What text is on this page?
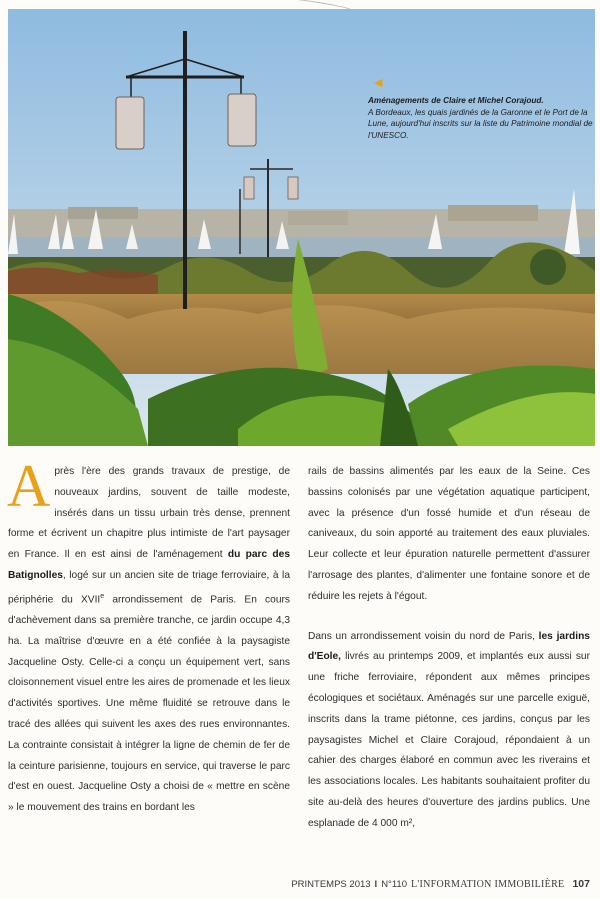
◀
Aménagements de Claire et Michel Corajoud.
A Bordeaux, les quais jardinés de la Garonne et le Port de la Lune, aujourd'hui inscrits sur la liste du Patrimoine mondial de l'UNESCO.

Après l'ère des grands travaux de prestige, de nouveaux jardins, souvent de taille modeste, insérés dans un tissu urbain très dense, prennent forme et écrivent un chapitre plus intimiste de l'art paysager en France. Il en est ainsi de l'aménagement du parc des Batignolles, logé sur un ancien site de triage ferroviaire, à la périphérie du XVIIe arrondissement de Paris. En cours d'achèvement dans sa première tranche, ce jardin occupe 4,3 ha. La maîtrise d'œuvre en a été confiée à la paysagiste Jacqueline Osty. Celle-ci a conçu un équipement vert, sans cloisonnement visuel entre les aires de promenade et les lieux d'activités sportives. Une même fluidité se retrouve dans le tracé des allées qui suivent les axes des rues environnantes. La contrainte consistait à intégrer la ligne de chemin de fer de la ceinture parisienne, toujours en service, qui traverse le parc d'est en ouest. Jacqueline Osty a choisi de « mettre en scène » le mouvement des trains en bordant les

rails de bassins alimentés par les eaux de la Seine. Ces bassins colonisés par une végétation aquatique participent, avec la présence d'un fossé humide et d'un réseau de caniveaux, du soin apporté au traitement des eaux pluviales. Leur collecte et leur épuration naturelle permettent d'assurer l'arrosage des plantes, d'alimenter une fontaine sonore et de réduire les rejets à l'égout.

Dans un arrondissement voisin du nord de Paris, les jardins d'Eole, livrés au printemps 2009, et implantés eux aussi sur une friche ferroviaire, répondent aux mêmes principes écologiques et sociétaux. Aménagés sur une parcelle exiguë, inscrits dans la trame piétonne, ces jardins, conçus par les paysagistes Michel et Claire Corajoud, répondaient à un cahier des charges élaboré en commun avec les riverains et les associations locales. Les habitants souhaitaient profiter du site au-delà des heures d'ouverture des jardins publics. Une esplanade de 4 000 m²,

PRINTEMPS 2013 I N°110 L'INFORMATION IMMOBILIÈRE 107
